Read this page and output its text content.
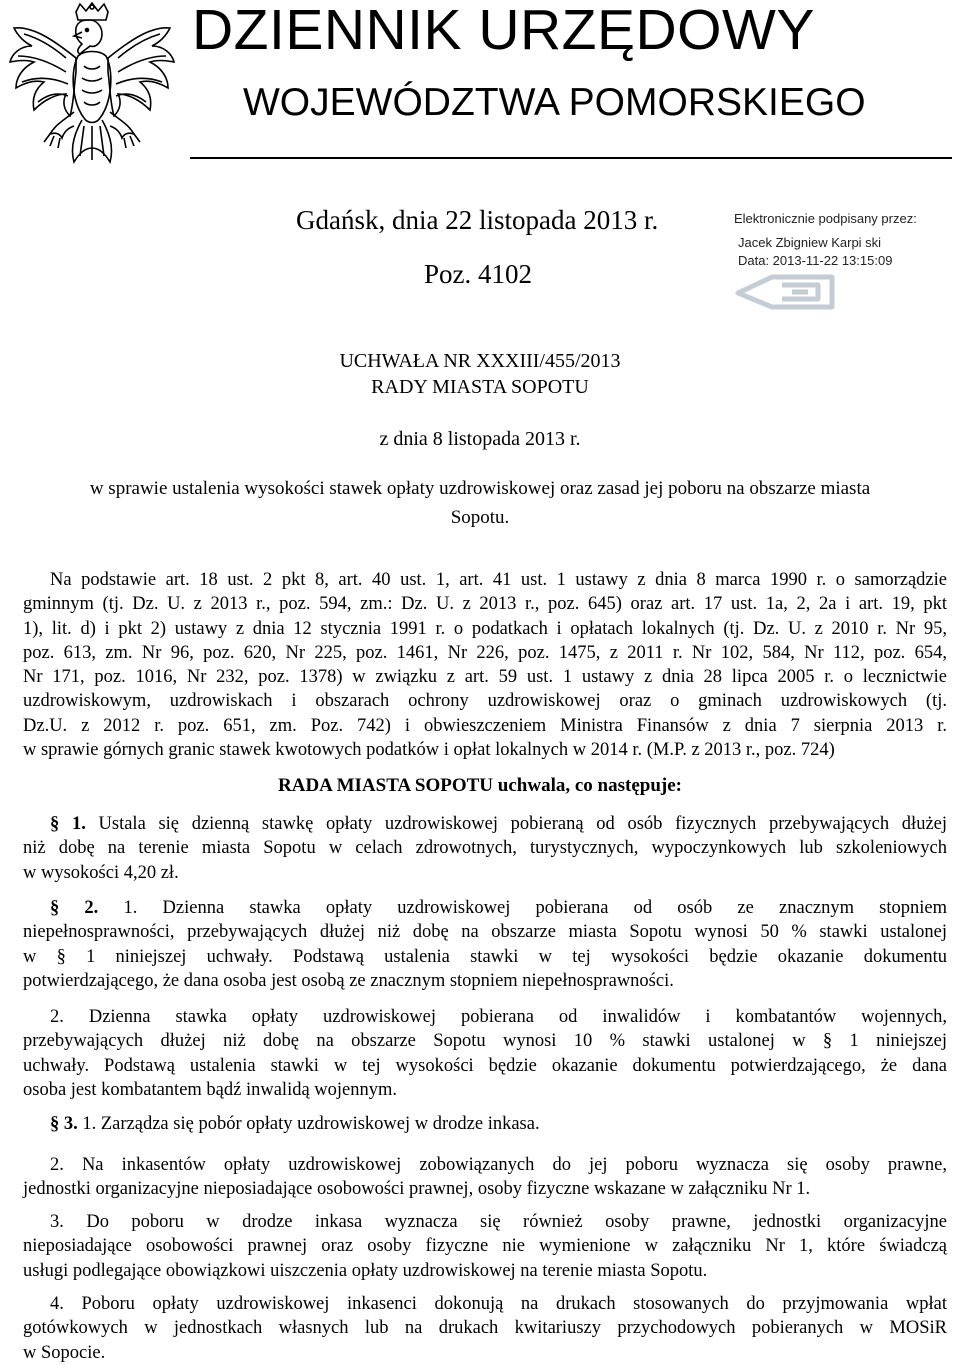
DZIENNIK URZĘDOWY
WOJEWÓDZTWA POMORSKIEGO
Gdańsk, dnia 22 listopada 2013 r.
Poz. 4102
Elektronicznie podpisany przez:
Jacek Zbigniew Karpi ski
Data: 2013-11-22 13:15:09
UCHWAŁA NR XXXIII/455/2013
RADY MIASTA SOPOTU
z dnia 8 listopada 2013 r.
w sprawie ustalenia wysokości stawek opłaty uzdrowiskowej oraz zasad jej poboru na obszarze miasta
Sopotu.
Na podstawie art. 18 ust. 2 pkt 8, art. 40 ust. 1, art. 41 ust. 1 ustawy z dnia 8 marca 1990 r. o samorządzie
gminnym (tj. Dz. U. z 2013 r., poz. 594, zm.: Dz. U. z 2013 r., poz. 645) oraz art. 17 ust. 1a, 2, 2a i art. 19, pkt
1), lit. d) i pkt 2) ustawy z dnia 12 stycznia 1991 r. o podatkach i opłatach lokalnych (tj. Dz. U. z 2010 r. Nr 95,
poz. 613, zm. Nr 96, poz. 620, Nr 225, poz. 1461, Nr 226, poz. 1475, z 2011 r. Nr 102, 584, Nr 112, poz. 654,
Nr 171, poz. 1016, Nr 232, poz. 1378) w związku z art. 59 ust. 1 ustawy z dnia 28 lipca 2005 r. o lecznictwie
uzdrowiskowym, uzdrowiskach i obszarach ochrony uzdrowiskowej oraz o gminach uzdrowiskowych (tj.
Dz.U. z 2012 r. poz. 651, zm. Poz. 742) i obwieszczeniem Ministra Finansów z dnia 7 sierpnia 2013 r.
w sprawie górnych granic stawek kwotowych podatków i opłat lokalnych w 2014 r. (M.P. z 2013 r., poz. 724)
RADA MIASTA SOPOTU uchwala, co następuje:
§ 1. Ustala się dzienną stawkę opłaty uzdrowiskowej pobieraną od osób fizycznych przebywających dłużej
niż dobę na terenie miasta Sopotu w celach zdrowotnych, turystycznych, wypoczynkowych lub szkoleniowych
w wysokości 4,20 zł.
§ 2. 1. Dzienna stawka opłaty uzdrowiskowej pobierana od osób ze znacznym stopniem
niepełnosprawności, przebywających dłużej niż dobę na obszarze miasta Sopotu wynosi 50 % stawki ustalonej
w § 1 niniejszej uchwały. Podstawą ustalenia stawki w tej wysokości będzie okazanie dokumentu
potwierdzającego, że dana osoba jest osobą ze znacznym stopniem niepełnosprawności.
2. Dzienna stawka opłaty uzdrowiskowej pobierana od inwalidów i kombatantów wojennych,
przebywających dłużej niż dobę na obszarze Sopotu wynosi 10 % stawki ustalonej w § 1 niniejszej
uchwały. Podstawą ustalenia stawki w tej wysokości będzie okazanie dokumentu potwierdzającego, że dana
osoba jest kombatantem bądź inwalidą wojennym.
§ 3. 1. Zarządza się pobór opłaty uzdrowiskowej w drodze inkasa.
2. Na inkasentów opłaty uzdrowiskowej zobowiązanych do jej poboru wyznacza się osoby prawne,
jednostki organizacyjne nieposiadające osobowości prawnej, osoby fizyczne wskazane w załączniku Nr 1.
3. Do poboru w drodze inkasa wyznacza się również osoby prawne, jednostki organizacyjne
nieposiadające osobowości prawnej oraz osoby fizyczne nie wymienione w załączniku Nr 1, które świadczą
usługi podlegające obowiązkowi uiszczenia opłaty uzdrowiskowej na terenie miasta Sopotu.
4. Poboru opłaty uzdrowiskowej inkasenci dokonują na drukach stosowanych do przyjmowania wpłat
gotówkowych w jednostkach własnych lub na drukach kwitariuszy przychodowych pobieranych w MOSiR
w Sopocie.
